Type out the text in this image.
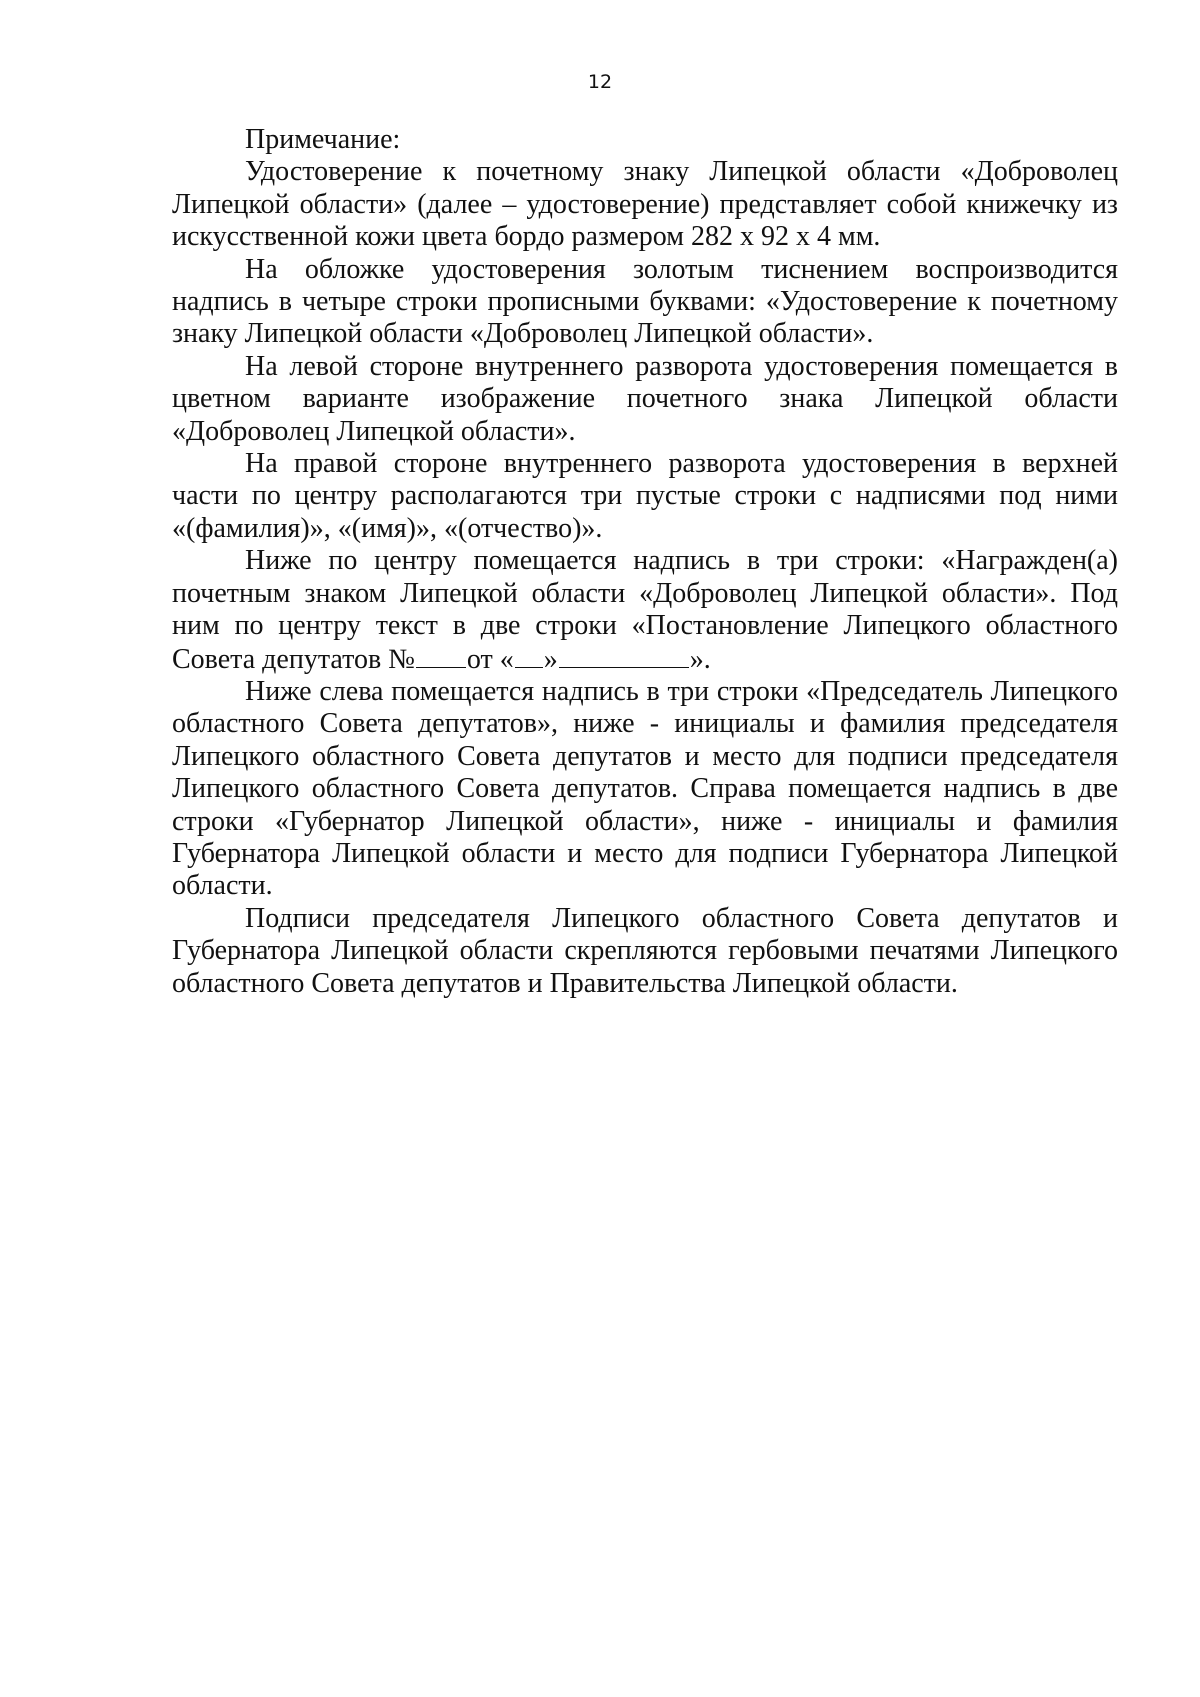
12

Примечание:

Удостоверение к почетному знаку Липецкой области «Доброволец Липецкой области» (далее – удостоверение) представляет собой книжечку из искусственной кожи цвета бордо размером 282 х 92 х 4 мм.

На обложке удостоверения золотым тиснением воспроизводится надпись в четыре строки прописными буквами: «Удостоверение к почетному знаку Липецкой области «Доброволец Липецкой области».

На левой стороне внутреннего разворота удостоверения помещается в цветном варианте изображение почетного знака Липецкой области «Доброволец Липецкой области».

На правой стороне внутреннего разворота удостоверения в верхней части по центру располагаются три пустые строки с надписями под ними «(фамилия)», «(имя)», «(отчество)».

Ниже по центру помещается надпись в три строки: «Награжден(а) почетным знаком Липецкой области «Доброволец Липецкой области». Под ним по центру текст в две строки «Постановление Липецкого областного Совета депутатов № от « »	».

Ниже слева помещается надпись в три строки «Председатель Липецкого областного Совета депутатов», ниже - инициалы и фамилия председателя Липецкого областного Совета депутатов и место для подписи председателя Липецкого областного Совета депутатов. Справа помещается надпись в две строки «Губернатор Липецкой области», ниже - инициалы и фамилия Губернатора Липецкой области и место для подписи Губернатора Липецкой области.

Подписи председателя Липецкого областного Совета депутатов и Губернатора Липецкой области скрепляются гербовыми печатями Липецкого областного Совета депутатов и Правительства Липецкой области.
